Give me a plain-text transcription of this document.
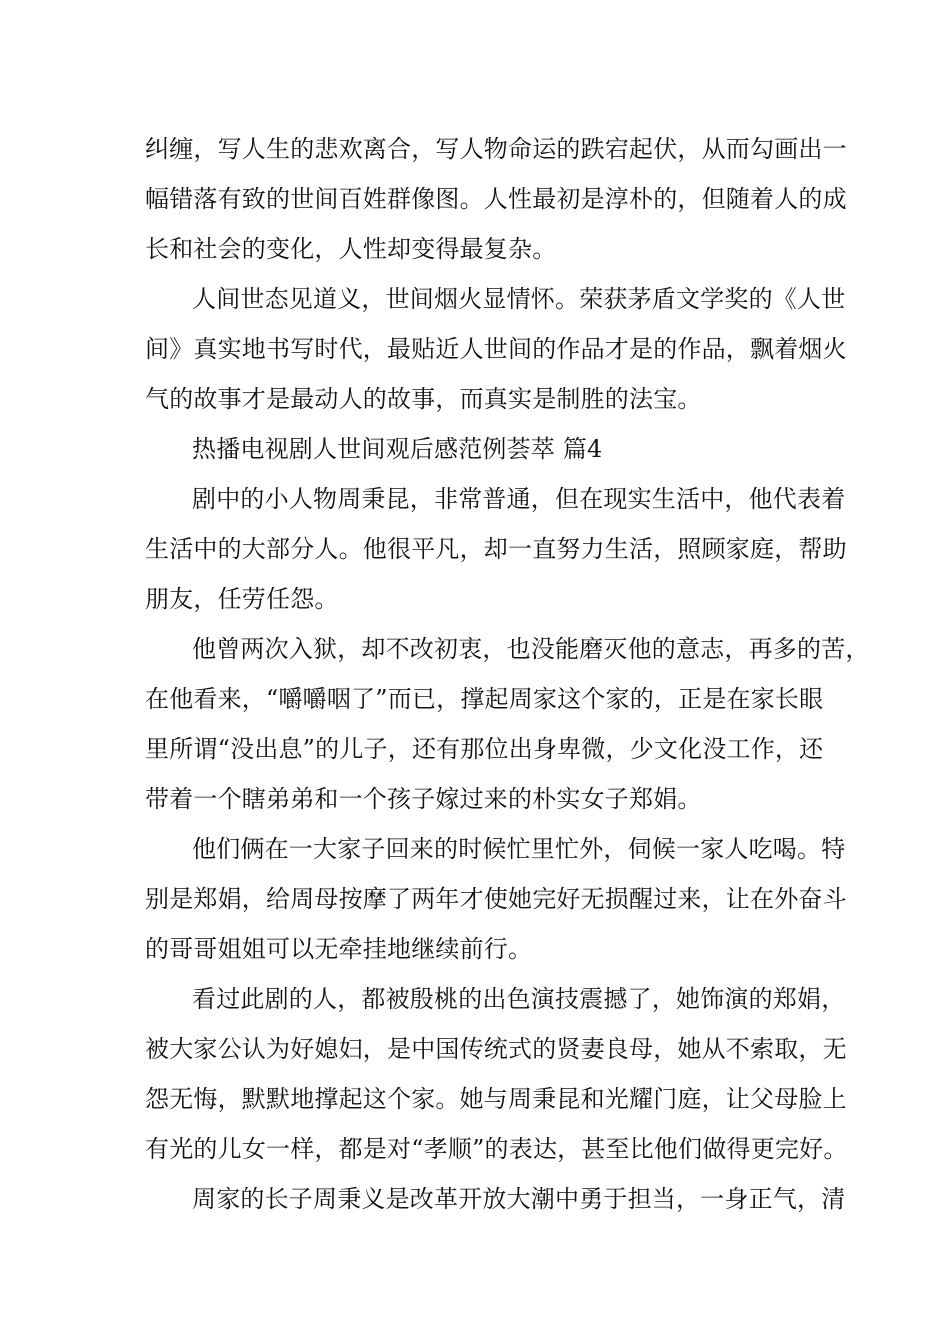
纠缠，写人生的悲欢离合，写人物命运的跌宕起伏，从而勾画出一
幅错落有致的世间百姓群像图。人性最初是淳朴的，但随着人的成
长和社会的变化，人性却变得最复杂。
人间世态见道义，世间烟火显情怀。荣获茅盾文学奖的《人世
间》真实地书写时代，最贴近人世间的作品才是的作品，飘着烟火
气的故事才是最动人的故事，而真实是制胜的法宝。
热播电视剧人世间观后感范例荟萃 篇4
剧中的小人物周秉昆，非常普通，但在现实生活中，他代表着
生活中的大部分人。他很平凡，却一直努力生活，照顾家庭，帮助
朋友，任劳任怨。
他曾两次入狱，却不改初衷，也没能磨灭他的意志，再多的苦，
在他看来，“嚼嚼咽了”而已，撑起周家这个家的，正是在家长眼
里所谓“没出息”的儿子，还有那位出身卑微，少文化没工作，还
带着一个瞎弟弟和一个孩子嫁过来的朴实女子郑娟。
他们俩在一大家子回来的时候忙里忙外，伺候一家人吃喝。特
别是郑娟，给周母按摩了两年才使她完好无损醒过来，让在外奋斗
的哥哥姐姐可以无牵挂地继续前行。
看过此剧的人，都被殷桃的出色演技震撼了，她饰演的郑娟，
被大家公认为好媳妇，是中国传统式的贤妻良母，她从不索取，无
怨无悔，默默地撑起这个家。她与周秉昆和光耀门庭，让父母脸上
有光的儿女一样，都是对“孝顺”的表达，甚至比他们做得更完好。
周家的长子周秉义是改革开放大潮中勇于担当，一身正气，清
